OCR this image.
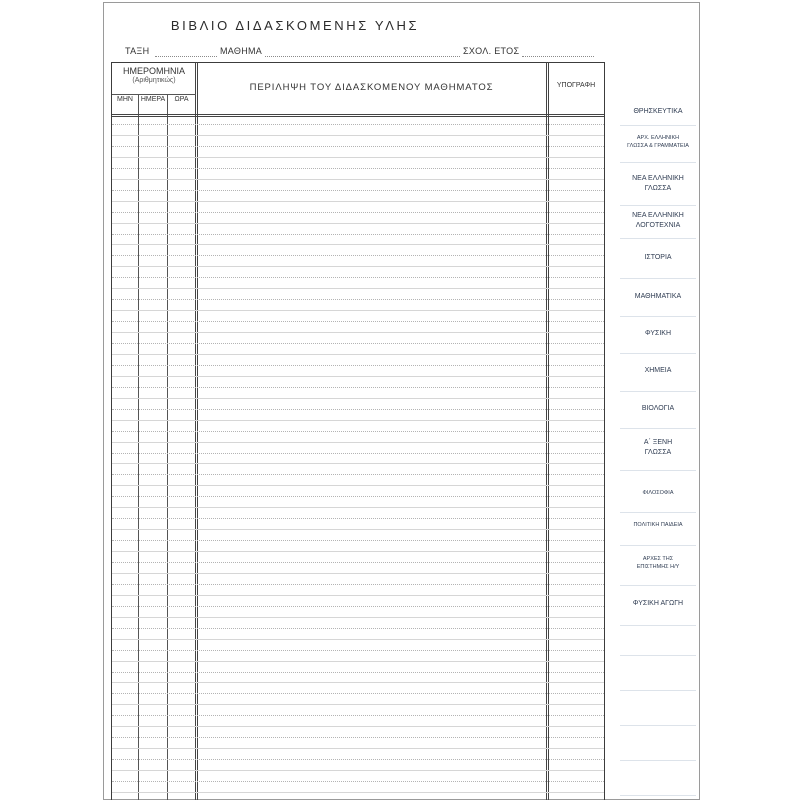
ΒΙΒΛΙΟ ΔΙΔΑΣΚΟΜΕΝΗΣ ΥΛΗΣ
ΤΑΞΗ	ΜΑΘΗΜΑ	ΣΧΟΛ. ΕΤΟΣ
ΗΜΕΡΟΜΗΝΙΑ
(Αριθμητικώς)
ΜΗΝ	ΗΜΕΡΑ	ΩΡΑ
ΠΕΡΙΛΗΨΗ ΤΟΥ ΔΙΔΑΣΚΟΜΕΝΟΥ ΜΑΘΗΜΑΤΟΣ	ΥΠΟΓΡΑΦΗ
ΘΡΗΣΚΕΥΤΙΚΑ
ΑΡΧ. ΕΛΛΗΝΙΚΗ
ΓΛΩΣΣΑ & ΓΡΑΜΜΑΤΕΙΑ
ΝΕΑ ΕΛΛΗΝΙΚΗ
ΓΛΩΣΣΑ
ΝΕΑ ΕΛΛΗΝΙΚΗ
ΛΟΓΟΤΕΧΝΙΑ
ΙΣΤΟΡΙΑ
ΜΑΘΗΜΑΤΙΚΑ
ΦΥΣΙΚΗ
ΧΗΜΕΙΑ
ΒΙΟΛΟΓΙΑ
Α΄ ΞΕΝΗ
ΓΛΩΣΣΑ
ΦΙΛΟΣΟΦΙΑ
ΠΟΛΙΤΙΚΗ ΠΑΙΔΕΙΑ
ΑΡΧΕΣ ΤΗΣ
ΕΠΙΣΤΗΜΗΣ Η/Υ
ΦΥΣΙΚΗ ΑΓΩΓΗ
